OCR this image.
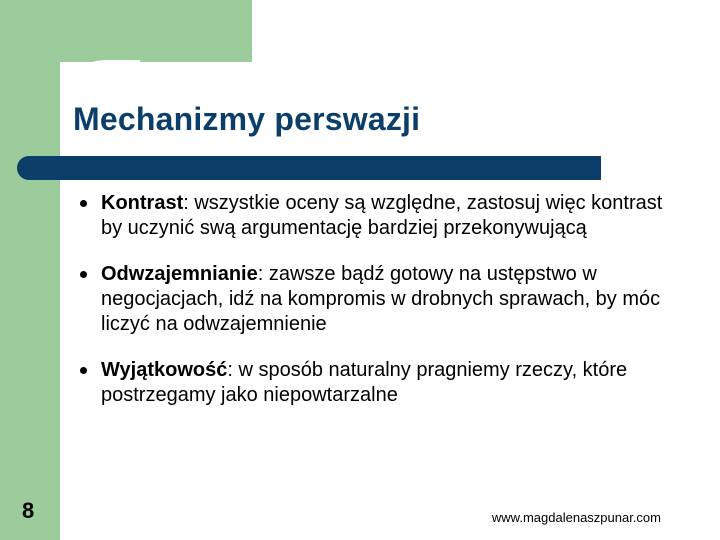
Mechanizmy perswazji
Kontrast: wszystkie oceny są względne, zastosuj więc kontrast by uczynić swą argumentację bardziej przekonywującą
Odwzajemnianie: zawsze bądź gotowy na ustępstwo w negocjacjach, idź na kompromis w drobnych sprawach, by móc liczyć na odwzajemnienie
Wyjątkowość: w sposób naturalny pragniemy rzeczy, które postrzegamy jako niepowtarzalne
8	www.magdalenaszpunar.com
